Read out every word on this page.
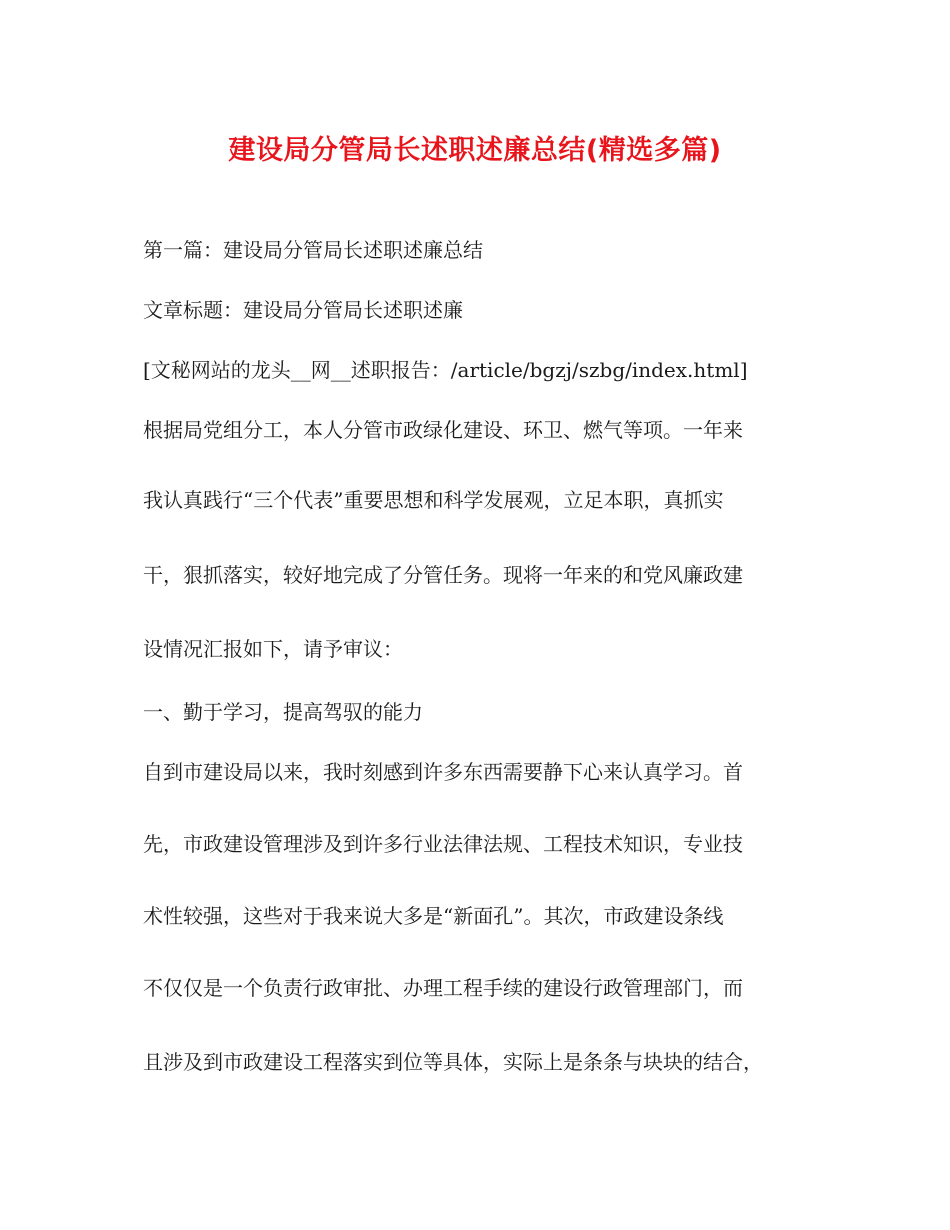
建设局分管局长述职述廉总结(精选多篇)
第一篇：建设局分管局长述职述廉总结
文章标题：建设局分管局长述职述廉
[文秘网站的龙头__网__述职报告：/article/bgzj/szbg/index.html]
根据局党组分工，本人分管市政绿化建设、环卫、燃气等项。一年来
我认真践行“三个代表”重要思想和科学发展观，立足本职，真抓实
干，狠抓落实，较好地完成了分管任务。现将一年来的和党风廉政建
设情况汇报如下，请予审议：
一、勤于学习，提高驾驭的能力
自到市建设局以来，我时刻感到许多东西需要静下心来认真学习。首
先，市政建设管理涉及到许多行业法律法规、工程技术知识，专业技
术性较强，这些对于我来说大多是“新面孔”。其次，市政建设条线
不仅仅是一个负责行政审批、办理工程手续的建设行政管理部门，而
且涉及到市政建设工程落实到位等具体，实际上是条条与块块的结合，
